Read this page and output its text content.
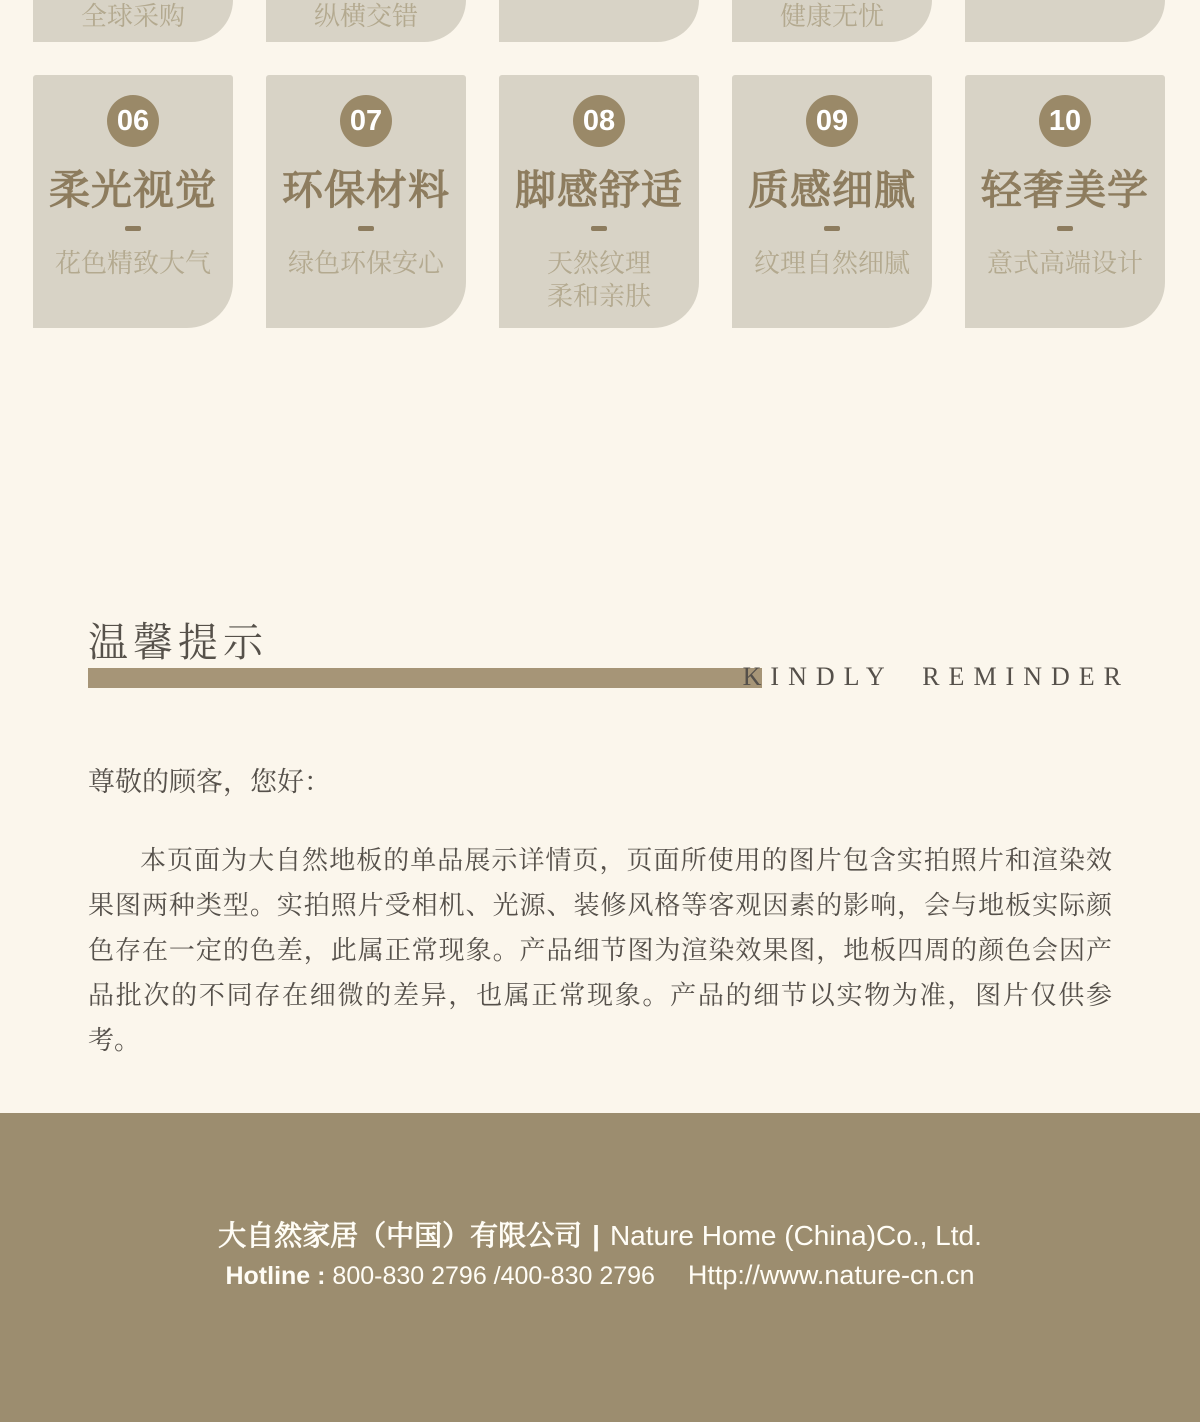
全球采购	纵横交错	健康无忧
06
柔光视觉
花色精致大气
07
环保材料
绿色环保安心
08
脚感舒适
天然纹理
柔和亲肤
09
质感细腻
纹理自然细腻
10
轻奢美学
意式高端设计
温馨提示
KINDLY REMINDER
尊敬的顾客，您好：
本页面为大自然地板的单品展示详情页，页面所使用的图片包含实拍照片和渲染效
果图两种类型。实拍照片受相机、光源、装修风格等客观因素的影响，会与地板实际颜
色存在一定的色差，此属正常现象。产品细节图为渲染效果图，地板四周的颜色会因产
品批次的不同存在细微的差异，也属正常现象。产品的细节以实物为准，图片仅供参
考。
大自然家居（中国）有限公司 | Nature Home (China)Co., Ltd.
Hotline : 800-830 2796 /400-830 2796 Http://www.nature-cn.cn
